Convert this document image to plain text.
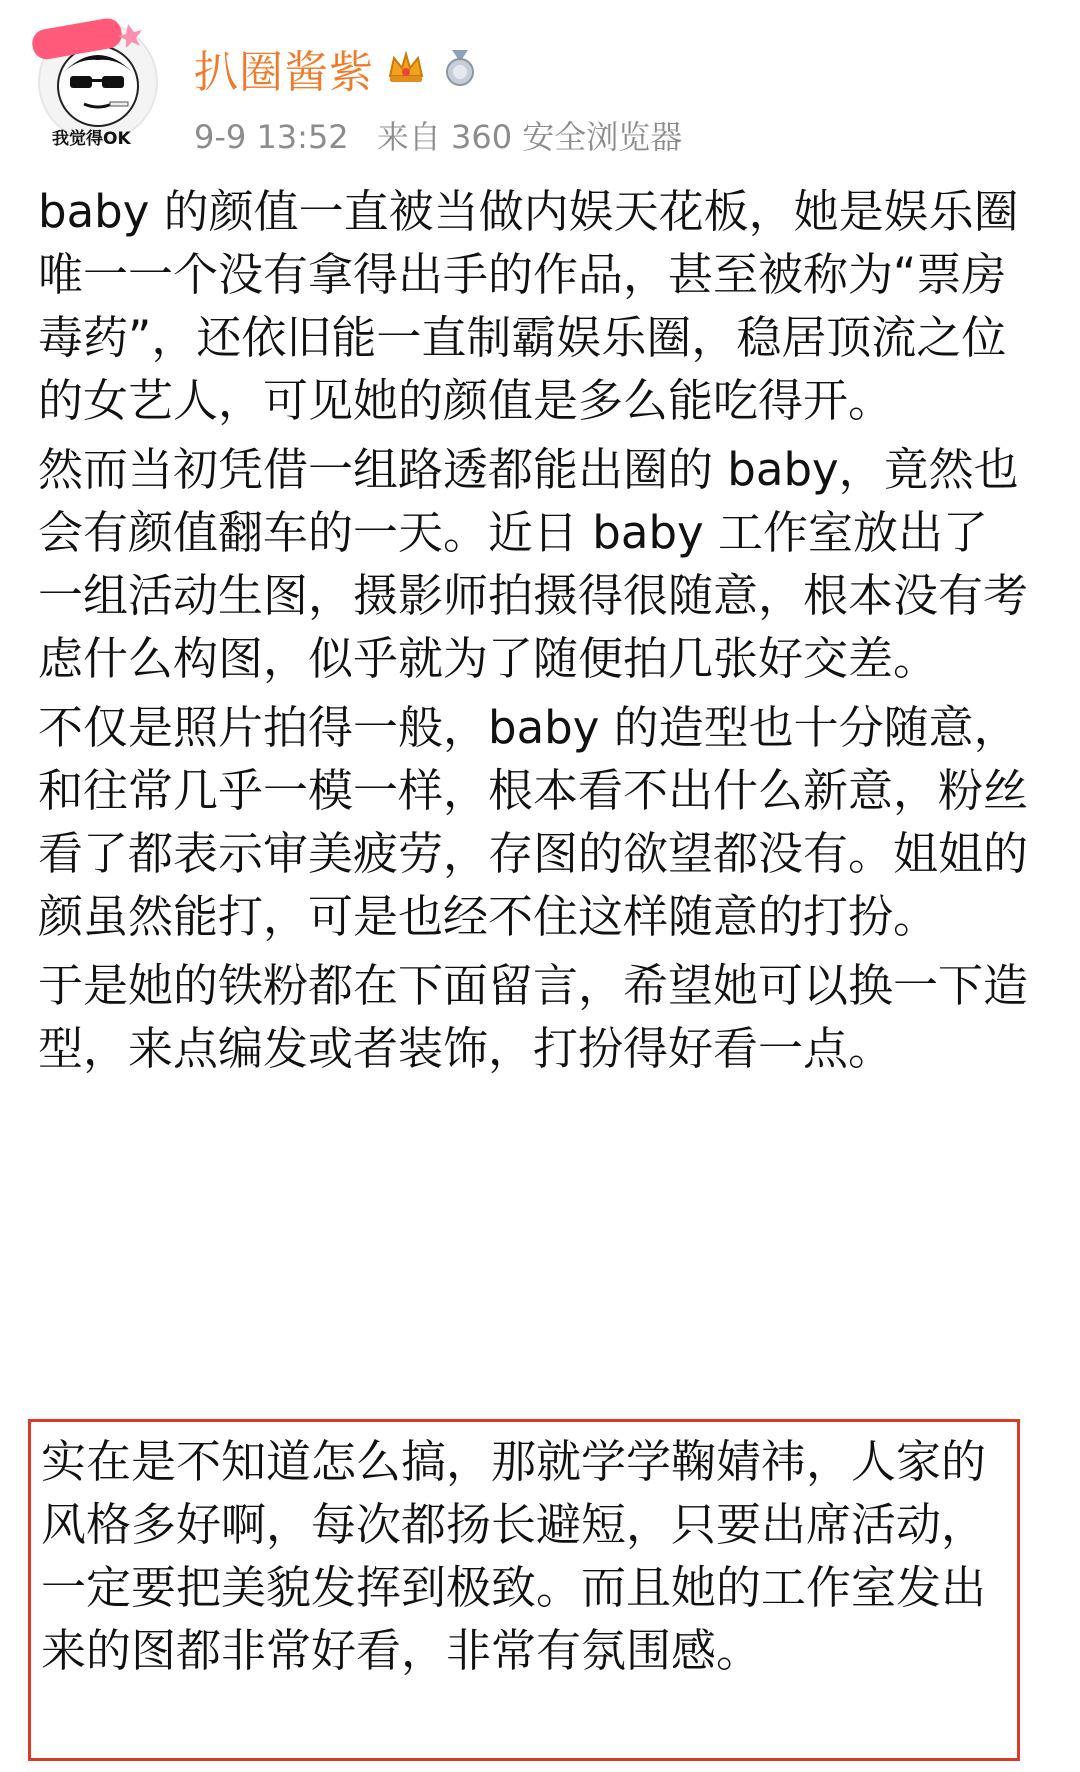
我觉得OK
扒圈酱紫
9-9 13:52 来自 360 安全浏览器

baby 的颜值一直被当做内娱天花板，她是娱乐圈唯一一个没有拿得出手的作品，甚至被称为“票房毒药”，还依旧能一直制霸娱乐圈，稳居顶流之位的女艺人，可见她的颜值是多么能吃得开。

然而当初凭借一组路透都能出圈的 baby，竟然也会有颜值翻车的一天。近日 baby 工作室放出了一组活动生图，摄影师拍摄得很随意，根本没有考虑什么构图，似乎就为了随便拍几张好交差。

不仅是照片拍得一般，baby 的造型也十分随意，和往常几乎一模一样，根本看不出什么新意，粉丝看了都表示审美疲劳，存图的欲望都没有。姐姐的颜虽然能打，可是也经不住这样随意的打扮。

于是她的铁粉都在下面留言，希望她可以换一下造型，来点编发或者装饰，打扮得好看一点。

实在是不知道怎么搞，那就学学鞠婧祎，人家的风格多好啊，每次都扬长避短，只要出席活动，一定要把美貌发挥到极致。而且她的工作室发出来的图都非常好看，非常有氛围感。
